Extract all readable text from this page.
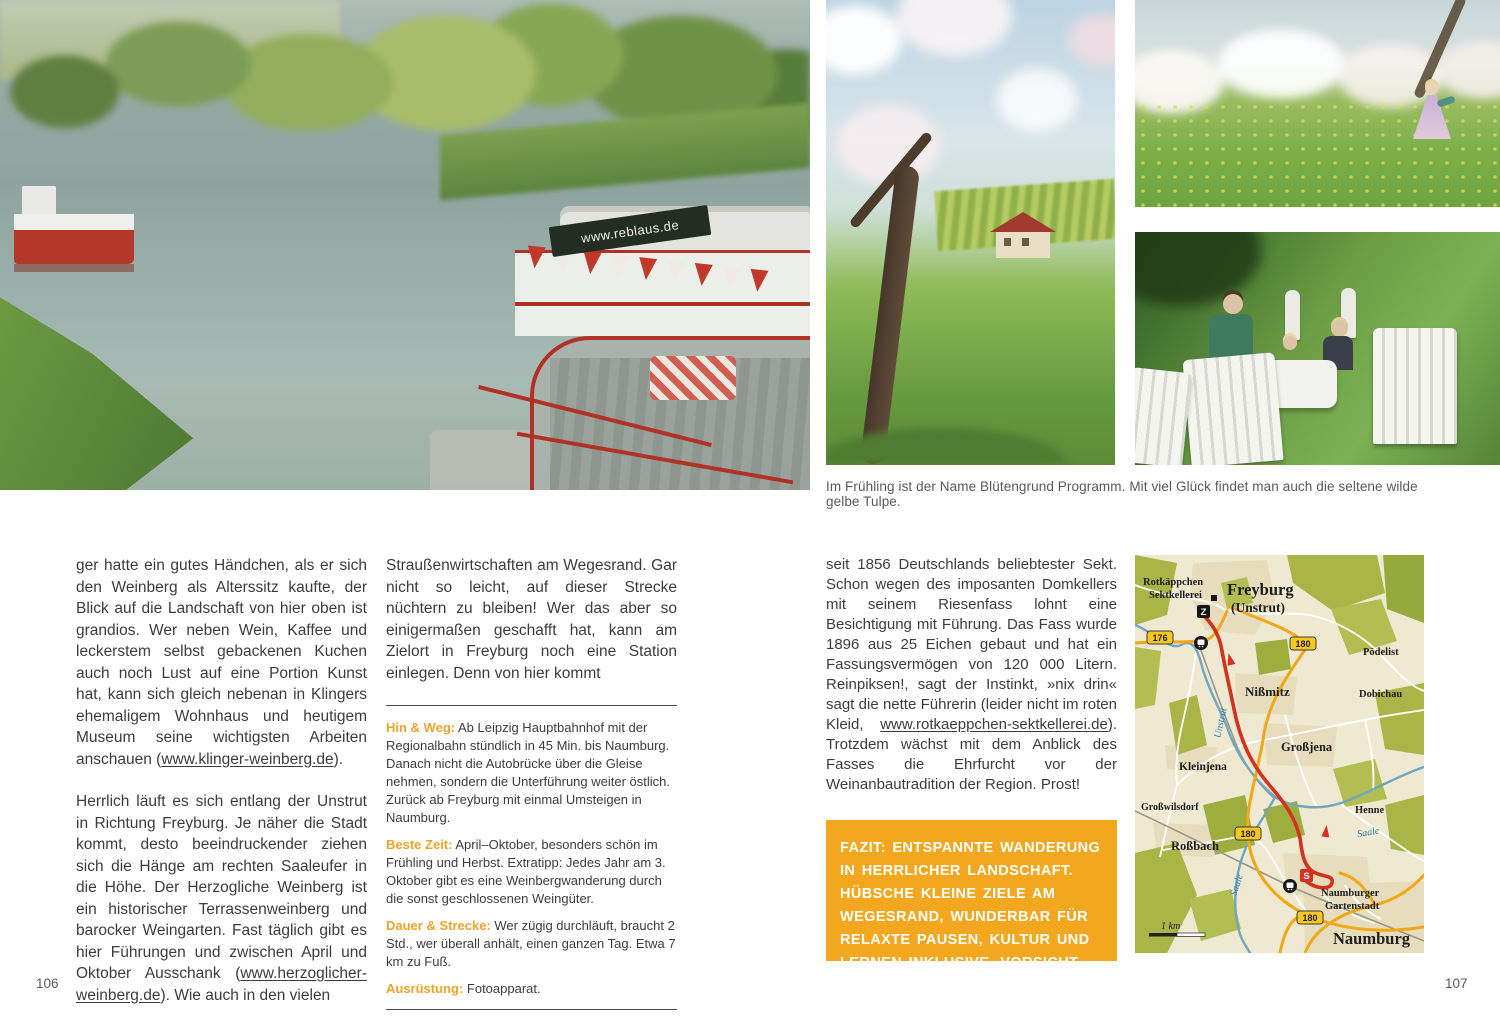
www.reblaus.de
Im Frühling ist der Name Blütengrund Programm. Mit viel Glück findet man auch die seltene wilde gelbe Tulpe.

ger hatte ein gutes Händchen, als er sich den Weinberg als Alterssitz kaufte, der Blick auf die Landschaft von hier oben ist grandios. Wer neben Wein, Kaffee und leckerstem selbst gebackenen Kuchen auch noch Lust auf eine Portion Kunst hat, kann sich gleich nebenan in Klingers ehemaligem Wohnhaus und heutigem Museum seine wichtigsten Arbeiten anschauen (www.klinger-weinberg.de).

Herrlich läuft es sich entlang der Unstrut in Richtung Freyburg. Je näher die Stadt kommt, desto beeindruckender ziehen sich die Hänge am rechten Saaleufer in die Höhe. Der Herzogliche Weinberg ist ein historischer Terrassenweinberg und barocker Weingarten. Fast täglich gibt es hier Führungen und zwischen April und Oktober Ausschank (www.herzoglicher-weinberg.de). Wie auch in den vielen

Straußenwirtschaften am Wegesrand. Gar nicht so leicht, auf dieser Strecke nüchtern zu bleiben! Wer das aber so einigermaßen geschafft hat, kann am Zielort in Freyburg noch eine Station einlegen. Denn von hier kommt

Hin & Weg: Ab Leipzig Hauptbahnhof mit der Regionalbahn stündlich in 45 Min. bis Naumburg. Danach nicht die Autobrücke über die Gleise nehmen, sondern die Unterführung weiter östlich. Zurück ab Freyburg mit einmal Umsteigen in Naumburg.

Beste Zeit: April–Oktober, besonders schön im Frühling und Herbst. Extratipp: Jedes Jahr am 3. Oktober gibt es eine Weinbergwanderung durch die sonst geschlossenen Weingüter.

Dauer & Strecke: Wer zügig durchläuft, braucht 2 Std., wer überall anhält, einen ganzen Tag. Etwa 7 km zu Fuß.

Ausrüstung: Fotoapparat.

seit 1856 Deutschlands beliebtester Sekt. Schon wegen des imposanten Domkellers mit seinem Riesenfass lohnt eine Besichtigung mit Führung. Das Fass wurde 1896 aus 25 Eichen gebaut und hat ein Fassungsvermögen von 120 000 Litern. Reinpiksen!, sagt der Instinkt, »nix drin« sagt die nette Führerin (leider nicht im roten Kleid, www.rotkaeppchen-sektkellerei.de). Trotzdem wächst mit dem Anblick des Fasses die Ehrfurcht vor der Weinanbautradition der Region. Prost!

FAZIT: ENTSPANNTE WANDERUNG IN HERRLICHER LANDSCHAFT. HÜBSCHE KLEINE ZIELE AM WEGESRAND, WUNDERBAR FÜR RELAXTE PAUSEN, KULTUR UND LERNEN INKLUSIVE. VORSICHT ALKOHOL!
176
180
180
180
Z
S
Rotkäppchen
Sektkellerei Freyburg
(Unstrut)
Pödelist
Nißmitz	Dobichau
Großjena
Kleinjena
Großwilsdorf
Roßbach
Henne
Saale
Saale
Unstrut
Naumburger
Gartenstadt
Naumburg
1 km
106	107
